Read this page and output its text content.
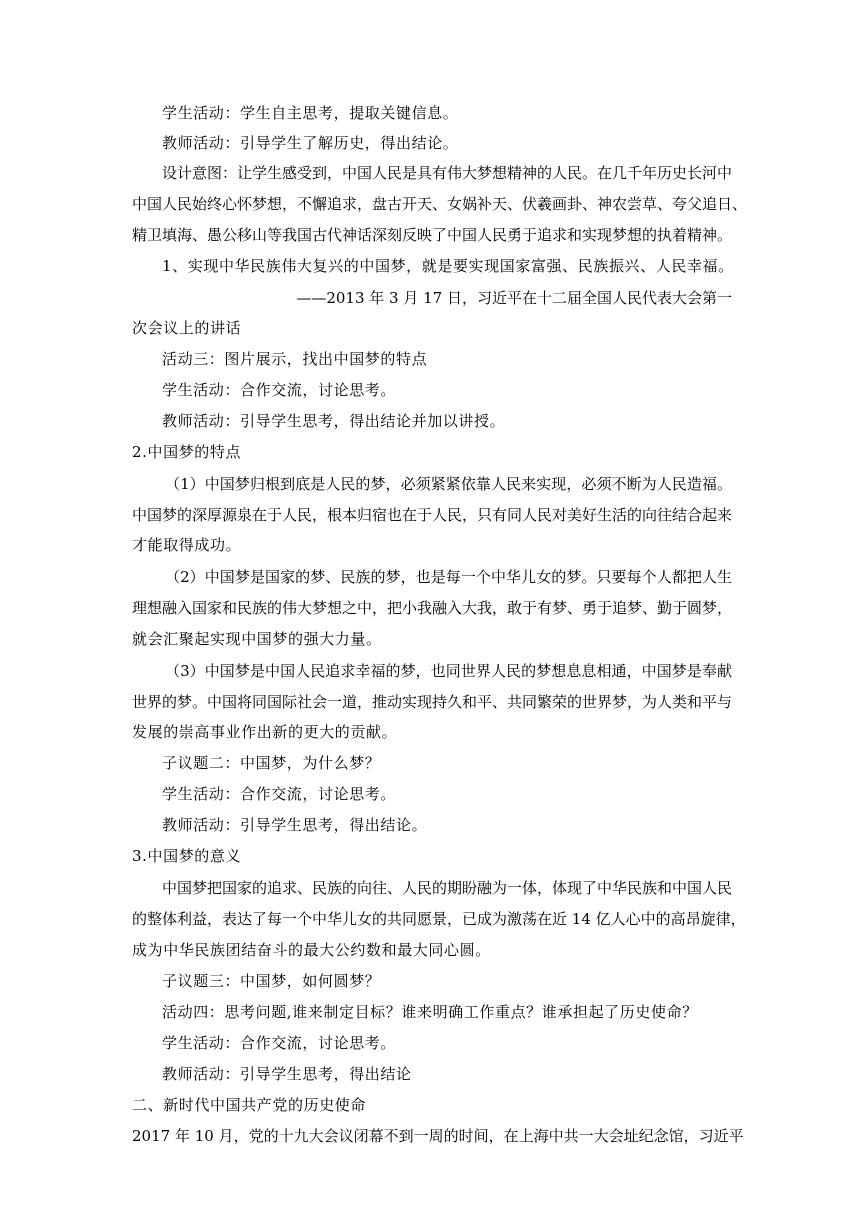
学生活动：学生自主思考，提取关键信息。
教师活动：引导学生了解历史，得出结论。
设计意图：让学生感受到，中国人民是具有伟大梦想精神的人民。在几千年历史长河中
中国人民始终心怀梦想，不懈追求，盘古开天、女娲补天、伏羲画卦、神农尝草、夸父追日、
精卫填海、愚公移山等我国古代神话深刻反映了中国人民勇于追求和实现梦想的执着精神。
1、实现中华民族伟大复兴的中国梦，就是要实现国家富强、民族振兴、人民幸福。
——2013 年 3 月 17 日，习近平在十二届全国人民代表大会第一
次会议上的讲话
活动三：图片展示，找出中国梦的特点
学生活动：合作交流，讨论思考。
教师活动：引导学生思考，得出结论并加以讲授。
2.中国梦的特点
（1）中国梦归根到底是人民的梦，必须紧紧依靠人民来实现，必须不断为人民造福。
中国梦的深厚源泉在于人民，根本归宿也在于人民，只有同人民对美好生活的向往结合起来
才能取得成功。
（2）中国梦是国家的梦、民族的梦，也是每一个中华儿女的梦。只要每个人都把人生
理想融入国家和民族的伟大梦想之中，把小我融入大我，敢于有梦、勇于追梦、勤于圆梦，
就会汇聚起实现中国梦的强大力量。
（3）中国梦是中国人民追求幸福的梦，也同世界人民的梦想息息相通，中国梦是奉献
世界的梦。中国将同国际社会一道，推动实现持久和平、共同繁荣的世界梦，为人类和平与
发展的崇高事业作出新的更大的贡献。
子议题二：中国梦，为什么梦？
学生活动：合作交流，讨论思考。
教师活动：引导学生思考，得出结论。
3.中国梦的意义
中国梦把国家的追求、民族的向往、人民的期盼融为一体，体现了中华民族和中国人民
的整体利益，表达了每一个中华儿女的共同愿景，已成为激荡在近 14 亿人心中的高昂旋律，
成为中华民族团结奋斗的最大公约数和最大同心圆。
子议题三：中国梦，如何圆梦？
活动四：思考问题,谁来制定目标？谁来明确工作重点？谁承担起了历史使命？
学生活动：合作交流，讨论思考。
教师活动：引导学生思考，得出结论
二、新时代中国共产党的历史使命
2017 年 10 月，党的十九大会议闭幕不到一周的时间，在上海中共一大会址纪念馆，习近平
